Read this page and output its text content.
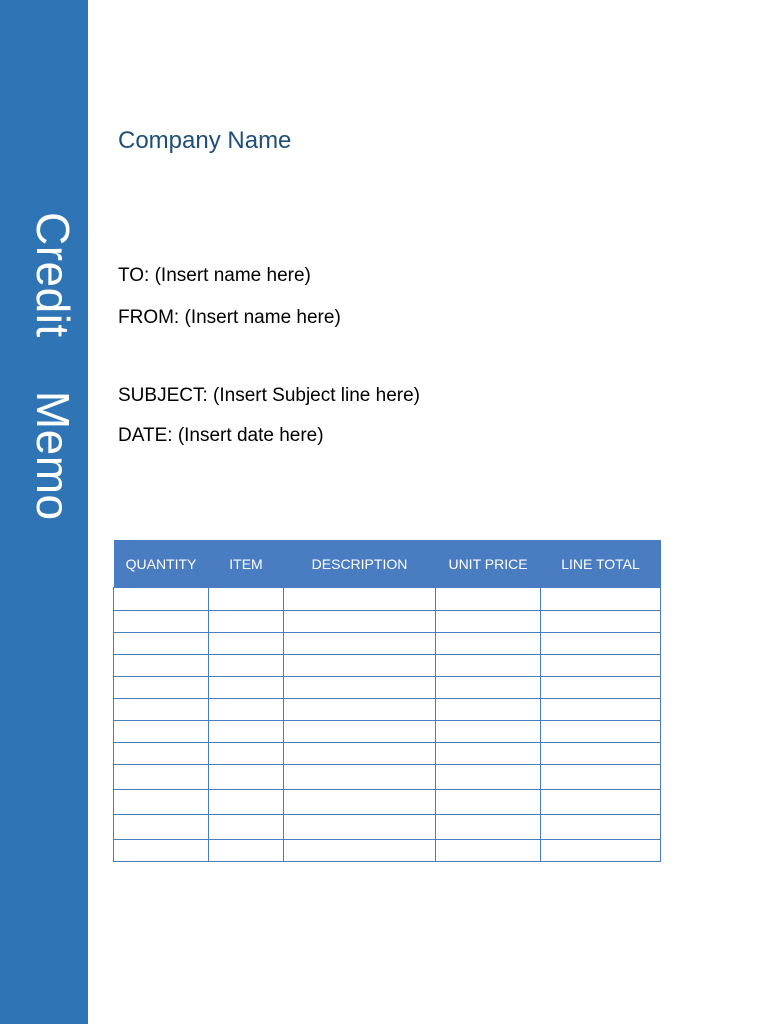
Credit    Memo
Company Name
TO: (Insert name here)
FROM: (Insert name here)
SUBJECT: (Insert Subject line here)
DATE: (Insert date here)
QUANTITY	ITEM	DESCRIPTION	UNIT PRICE	LINE TOTAL
